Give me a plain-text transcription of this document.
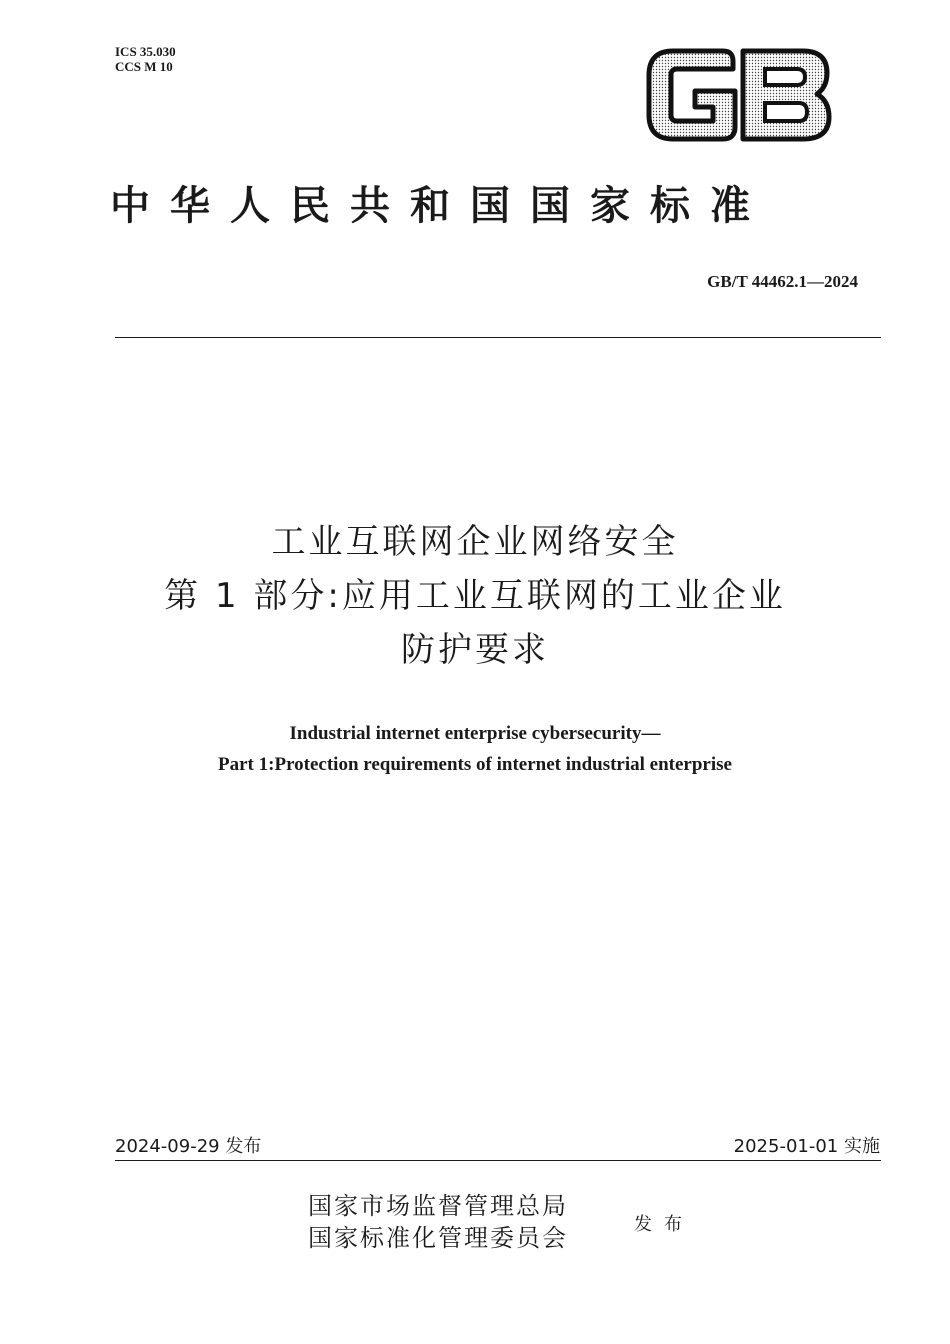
ICS 35.030
CCS M 10
中华人民共和国国家标准
GB/T 44462.1—2024
工业互联网企业网络安全
第 1 部分:应用工业互联网的工业企业
防护要求
Industrial internet enterprise cybersecurity—
Part 1:Protection requirements of internet industrial enterprise
2024-09-29 发布	2025-01-01 实施
国家市场监督管理总局
国家标准化管理委员会	发布
